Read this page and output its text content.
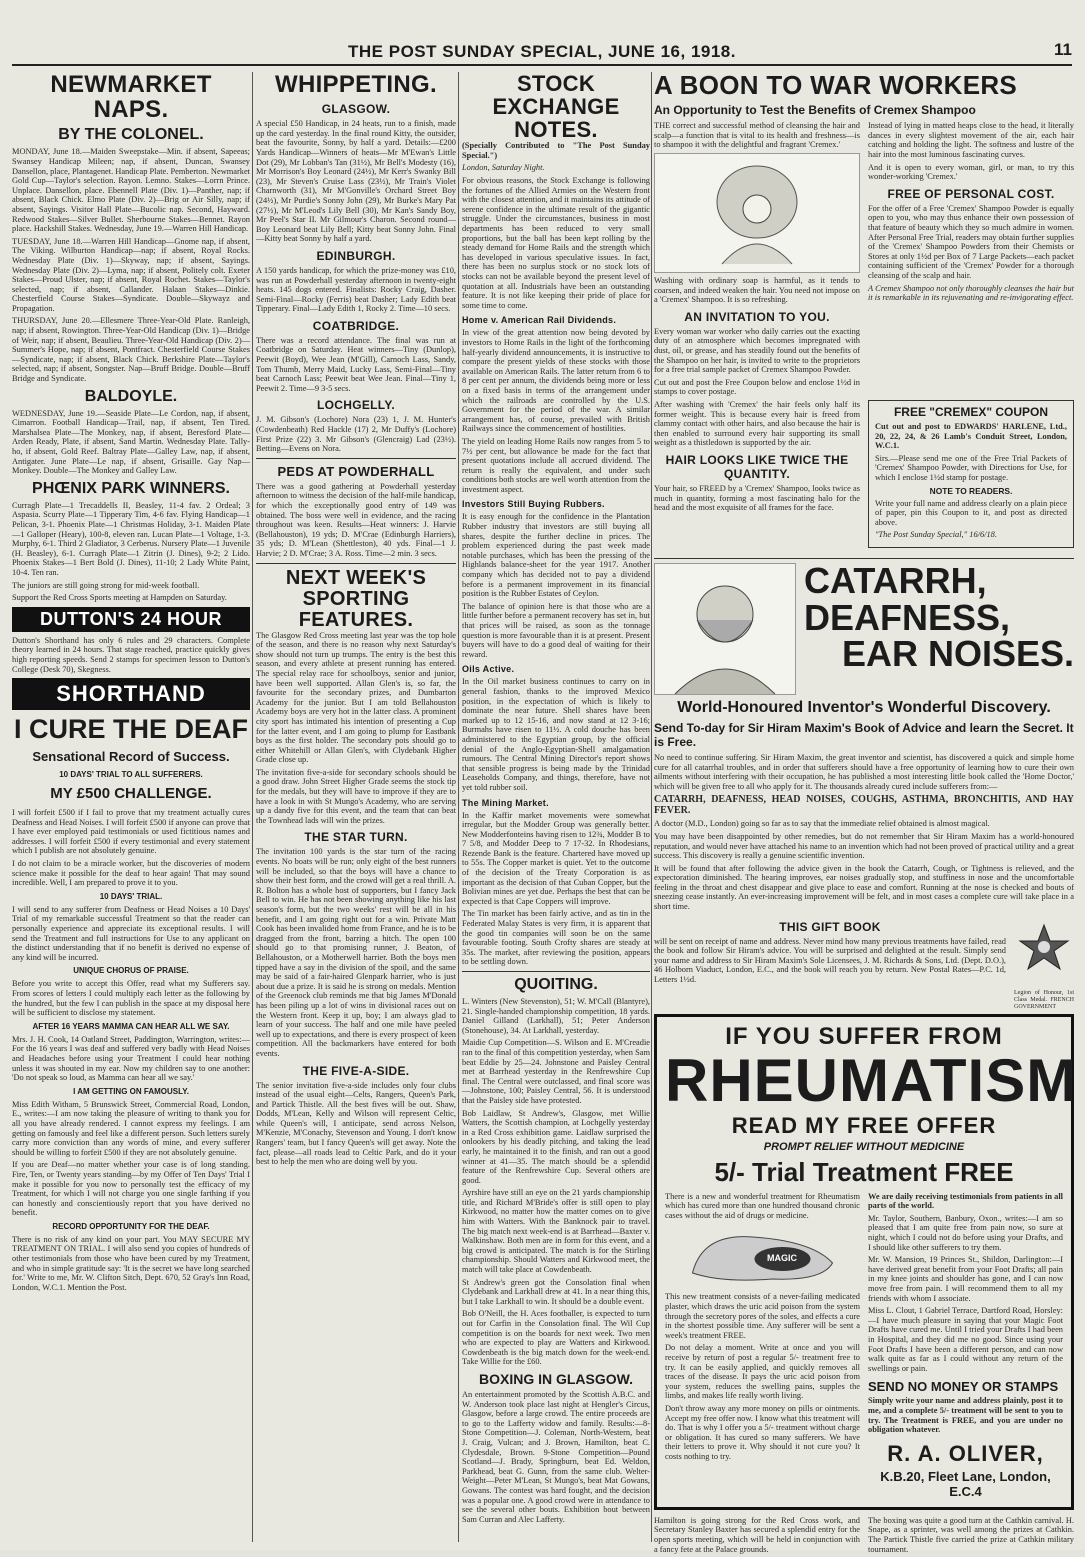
THE POST SUNDAY SPECIAL, JUNE 16, 1918.	11
NEWMARKET NAPS.
BY THE COLONEL.

MONDAY, June 18.—Maiden Sweepstake—Min. if absent, Sapeeas; Swansey Handicap Mileen; nap, if absent, Duncan, Swansey Dansellon, place, Plantagenet. Handicap Plate. Pemberton. Newmarket Gold Cup—Taylor's selection. Rayon. Lemno. Stakes—Lorrn Prince. Unplace. Dansellon, place. Ebennell Plate (Div. 1)—Panther, nap; if absent, Black Chick. Elmo Plate (Div. 2)—Brig or Air Silly, nap; if absent, Sayings. Visitor Hall Plate—Bucolic nap. Second, Hayward. Redwood Stakes—Silver Bullet. Sherbourne Stakes—Bennet. Rayon place. Hackshill Stakes. Wednesday, June 19.—Warren Hill Handicap.

TUESDAY, June 18.—Warren Hill Handicap—Gnome nap, if absent, The Viking. Wilburton Handicap—nap; if absent, Royal Rocks. Wednesday Plate (Div. 1)—Skyway, nap; if absent, Sayings. Wednesday Plate (Div. 2)—Lyma, nap; if absent, Politely colt. Exeter Stakes—Proud Ulster, nap; if absent, Royal Rochet. Stakes—Taylor's selected, nap; if absent, Callander. Halaan Stakes—Dinkie. Chesterfield Course Stakes—Syndicate. Double—Skywayz and Propagation.

THURSDAY, June 20.—Ellesmere Three-Year-Old Plate. Ranleigh, nap; if absent, Rowington. Three-Year-Old Handicap (Div. 1)—Bridge of Weir, nap; if absent, Beaulieu. Three-Year-Old Handicap (Div. 2)—Summer's Hope, nap; if absent, Pontfract. Chesterfield Course Stakes—Syndicate, nap; if absent, Black Chick. Berkshire Plate—Taylor's selected, nap; if absent, Songster. Nap—Bruff Bridge. Double—Bruff Bridge and Syndicate.

BALDOYLE.

WEDNESDAY, June 19.—Seaside Plate—Le Cordon, nap, if absent, Cimarron. Football Handicap—Trail, nap, if absent, Ten Tired. Marshalsea Plate—The Monkey, nap, if absent, Beresford Plate—Arden Ready, Plate, if absent, Sand Martin. Wednesday Plate. Tally-ho, if absent, Gold Reef. Baltray Plate—Galley Law, nap, if absent, Antigater. June Plate—Le nap, if absent, Grisaille. Gay Nap—Monkey. Double—The Monkey and Galley Law.

PHŒNIX PARK WINNERS.

Curragh Plate—1 Trecaddells II, Beasley, 11-4 fav. 2 Ordeal; 3 Aspasia. Scurry Plate—1 Tipperary Tim, 4-6 fav. Flying Handicap—1 Pelican, 3-1. Phoenix Plate—1 Christmas Holiday, 3-1. Maiden Plate—1 Galloper (Heary), 100-8, eleven ran. Lucan Plate—1 Voltage, 1-3. Murphy, 6-1. Third 2 Gladiator, 3 Cerberus. Nursery Plate—1 Juvenile (H. Beasley), 6-1. Curragh Plate—1 Zitrin (J. Dines), 9-2; 2 Lido. Phoenix Stakes—1 Bert Bold (J. Dines), 11-10; 2 Lady White Paint, 10-4. Ten ran.

The juniors are still going strong for mid-week football.

Support the Red Cross Sports meeting at Hampden on Saturday.

DUTTON'S 24 HOUR

Dutton's Shorthand has only 6 rules and 29 characters. Complete theory learned in 24 hours. That stage reached, practice quickly gives high reporting speeds. Send 2 stamps for specimen lesson to Dutton's College (Desk 70), Skegness.

SHORTHAND
I CURE THE DEAF
Sensational Record of Success.
10 DAYS' TRIAL TO ALL SUFFERERS.
MY £500 CHALLENGE.

I will forfeit £500 if I fail to prove that my treatment actually cures Deafness and Head Noises. I will forfeit £500 if anyone can prove that I have ever employed paid testimonials or used fictitious names and addresses. I will forfeit £500 if every testimonial and every statement which I publish are not absolutely genuine.

I do not claim to be a miracle worker, but the discoveries of modern science make it possible for the deaf to hear again! That may sound incredible. Well, I am prepared to prove it to you.

10 DAYS' TRIAL.

I will send to any sufferer from Deafness or Head Noises a 10 Days' Trial of my remarkable successful Treatment so that the reader can personally experience and appreciate its exceptional results. I will send the Treatment and full instructions for Use to any applicant on the distinct understanding that if no benefit is derived no expense of any kind will be incurred.

UNIQUE CHORUS OF PRAISE.

Before you write to accept this Offer, read what my Sufferers say. From scores of letters I could multiply each letter as the following by the hundred, but the few I can publish in the space at my disposal here will be sufficient to disclose my statement.

AFTER 16 YEARS MAMMA CAN HEAR ALL WE SAY.

Mrs. J. H. Cook, 14 Oatland Street, Paddington, Warrington, writes:—For the 16 years I was deaf and suffered very badly with Head Noises and Headaches before using your Treatment I could hear nothing unless it was shouted in my ear. Now my children say to one another: 'Do not speak so loud, as Mamma can hear all we say.'

I AM GETTING ON FAMOUSLY.

Miss Edith Witham, 5 Brunswick Street, Commercial Road, London, E., writes:—I am now taking the pleasure of writing to thank you for all you have already rendered. I cannot express my feelings. I am getting on famously and feel like a different person. Such letters surely carry more conviction than any words of mine, and every sufferer should be willing to forfeit £500 if they are not absolutely genuine.

If you are Deaf—no matter whether your case is of long standing. Fire, Ten, or Twenty years standing—by my Offer of Ten Days' Trial I make it possible for you now to personally test the efficacy of my Treatment, for which I will not charge you one single farthing if you can honestly and conscientiously report that you have derived no benefit.

RECORD OPPORTUNITY FOR THE DEAF.

There is no risk of any kind on your part. You MAY SECURE MY TREATMENT ON TRIAL. I will also send you copies of hundreds of other testimonials from those who have been cured by my Treatment, and who in simple gratitude say: 'It is the secret we have long searched for.' Write to me, Mr. W. Clifton Sitch, Dept. 670, 52 Gray's Inn Road, London, W.C.1. Mention the Post.

WHIPPETING.
GLASGOW.

A special £50 Handicap, in 24 heats, run to a finish, made up the card yesterday. In the final round Kitty, the outsider, beat the favourite, Sonny, by half a yard. Details:—£200 Yards Handicap—Winners of heats—Mr M'Ewan's Little Dot (29), Mr Lobban's Tan (31½), Mr Bell's Modesty (16), Mr Morrison's Boy Leonard (24½), Mr Kerr's Swanky Bill (23), Mr Steven's Cruise Lass (23½), Mr Train's Violet Charnworth (31), Mr M'Gonville's Orchard Street Boy (24½), Mr Purdie's Sonny John (29), Mr Burke's Mary Pat (27½), Mr M'Leod's Lily Bell (30), Mr Kan's Sandy Boy, Mr Peel's Star II. Mr Gilmour's Charon. Second round—Boy Leonard beat Lily Bell; Kitty beat Sonny John. Final—Kitty beat Sonny by half a yard.

EDINBURGH.

A 150 yards handicap, for which the prize-money was £10, was run at Powderhall yesterday afternoon in twenty-eight heats. 145 dogs entered. Finalists: Rocky Craig, Dasher. Semi-Final—Rocky (Ferris) beat Dasher; Lady Edith beat Tipperary. Final—Lady Edith 1, Rocky 2. Time—10 secs.

COATBRIDGE.

There was a record attendance. The final was run at Coatbridge on Saturday. Heat winners—Tiny (Dunlop), Peewit (Boyd), Wee Jean (M'Gill), Carnoch Lass, Sandy, Tom Thumb, Merry Maid, Lucky Lass, Semi-Final—Tiny beat Carnoch Lass; Peewit beat Wee Jean. Final—Tiny 1, Peewit 2. Time—9 3-5 secs.

LOCHGELLY.

J. M. Gibson's (Lochore) Nora (23) 1, J. M. Hunter's (Cowdenbeath) Red Hackle (17) 2, Mr Duffy's (Lochore) First Prize (22) 3. Mr Gibson's (Glencraig) Lad (23½). Betting—Evens on Nora.

PEDS AT POWDERHALL

There was a good gathering at Powderhall yesterday afternoon to witness the decision of the half-mile handicap, for which the exceptionally good entry of 149 was obtained. The boss were well in evidence, and the racing throughout was keen. Results—Heat winners: J. Harvie (Bellahouston), 19 yds; D. M'Crae (Edinburgh Harriers), 35 yds; D. M'Lean (Shettleston), 40 yds. Final—1 J. Harvie; 2 D. M'Crae; 3 A. Ross. Time—2 min. 3 secs.

NEXT WEEK'S SPORTING FEATURES.

The Glasgow Red Cross meeting last year was the top hole of the season, and there is no reason why next Saturday's show should not turn up trumps. The entry is the best this season, and every athlete at present running has entered. The special relay race for schoolboys, senior and junior, have been well supported. Allan Glen's is, so far, the favourite for the secondary prizes, and Dumbarton Academy for the junior. But I am told Bellahouston Academy boys are very hot in the latter class. A prominent city sport has intimated his intention of presenting a Cup for the latter event, and I am going to plump for Eastbank boys as the first holder. The secondary pots should go to either Whitehill or Allan Glen's, with Clydebank Higher Grade close up.

The invitation five-a-side for secondary schools should be a good draw. John Street Higher Grade seems the stock tip for the medals, but they will have to improve if they are to have a look in with St Mungo's Academy, who are serving up a dandy five for this event, and the team that can beat the Townhead lads will win the prizes.

THE STAR TURN.

The invitation 100 yards is the star turn of the racing events. No boats will be run; only eight of the best runners will be included, so that the boys will have a chance to show their best form, and the crowd will get a real thrill. A. R. Bolton has a whole host of supporters, but I fancy Jack Bell to win. He has not been showing anything like his last season's form, but the two weeks' rest will be all in his benefit, and I am going right out for a win. Private Matt Cook has been invalided home from France, and he is to be dragged from the front, barring a hitch. The open 100 should go to that promising runner, J. Beaton, of Bellahouston, or a Motherwell harrier. Both the boys men tipped have a say in the division of the spoil, and the same may be said of a fair-haired Glenpark harrier, who is just about due a prize. It is said he is strong on medals. Mention of the Greenock club reminds me that big James M'Donald has been piling up a lot of wins in divisional races out on the Western front. Keep it up, boy; I am always glad to learn of your success. The half and one mile have peeled well up to expectations, and there is every prospect of keen competition. All the backmarkers have entered for both events.

THE FIVE-A-SIDE.

The senior invitation five-a-side includes only four clubs instead of the usual eight—Celts, Rangers, Queen's Park, and Partick Thistle. All the best fives will be out. Shaw, Dodds, M'Lean, Kelly and Wilson will represent Celtic, while Queen's will, I anticipate, send across Nelson, M'Kenzie, M'Conachy, Stevenson and Young. I don't know Rangers' team, but I fancy Queen's will get away. Note the fact, please—all roads lead to Celtic Park, and do it your best to help the men who are doing well by you.

STOCK EXCHANGE NOTES.

(Specially Contributed to "The Post Sunday Special.")

London, Saturday Night.

For obvious reasons, the Stock Exchange is following the fortunes of the Allied Armies on the Western front with the closest attention, and it maintains its attitude of serene confidence in the ultimate result of the gigantic struggle. Under the circumstances, business in most departments has been reduced to very small proportions, but the ball has been kept rolling by the steady demand for Home Rails and the strength which has developed in various speculative issues. In fact, there has been no surplus stock or no stock lots of stocks can not be available beyond the present level of quotation at all. Industrials have been an outstanding feature. It is not like keeping their pride of place for some time to come.

Home v. American Rail Dividends.

In view of the great attention now being devoted by investors to Home Rails in the light of the forthcoming half-yearly dividend announcements, it is instructive to compare the present yields of these stocks with those available on American Rails. The latter return from 6 to 8 per cent per annum, the dividends being more or less on a fixed basis in terms of the arrangement under which the railroads are controlled by the U.S. Government for the period of the war. A similar arrangement has, of course, prevailed with British Railways since the commencement of hostilities.

The yield on leading Home Rails now ranges from 5 to 7½ per cent, but allowance be made for the fact that present quotations include all accrued dividend. The return is really the equivalent, and under such conditions both stocks are well worth attention from the investment aspect.

Investors Still Buying Rubbers.

It is easy enough for the confidence in the Plantation Rubber industry that investors are still buying all shares, despite the further decline in prices. The problem experienced during the past week made notable purchases, which has been the pressing of the Highlands balance-sheet for the year 1917. Another company which has decided not to pay a dividend before is a permanent improvement in its financial position is the Rubber Estates of Ceylon.

The balance of opinion here is that those who are a little further before a permanent recovery has set in, but that prices will be raised, as soon as the tonnage question is more favourable than it is at present. Present buyers will have to do a good deal of waiting for their reward.

Oils Active.

In the Oil market business continues to carry on in general fashion, thanks to the improved Mexico position, in the expectation of which is likely to dominate the near future. Shell shares have been marked up to 12 15-16, and now stand at 12 3-16; Burmahs have risen to 11½. A cold douche has been administered to the Egyptian group, by the official denial of the Anglo-Egyptian-Shell amalgamation rumours. The Central Mining Director's report shows that sensible progress is being made by the Trinidad Leaseholds Company, and things, therefore, have not yet told rubber soil.

The Mining Market.

In the Kaffir market movements were somewhat irregular, but the Modder Group was generally better. New Modderfonteins having risen to 12¾, Modder B to 7 5/8, and Modder Deep to 7 17-32. In Rhodesians, Rezende Bank is the feature. Chartered have moved up to 55s. The Copper market is quiet. Yet to the outcome of the decision of the Treaty Corporation is as important as the decision of that Cuban Copper, but the Bolivian mines are yet due. Perhaps the best that can be expected is that Cape Coppers will improve.

The Tin market has been fairly active, and as tin in the Federated Malay States is very firm, it is apparent that the good tin companies will soon be on the same favourable footing. South Crofty shares are steady at 35s. The market, after reviewing the position, appears to be settling down.

QUOITING.

L. Winters (New Stevenston), 51; W. M'Call (Blantyre), 21. Single-handed championship competition, 18 yards. Daniel Gilland (Larkhall), 51; Peter Anderson (Stonehouse), 34. At Larkhall, yesterday.

Maidie Cup Competition—S. Wilson and E. M'Creadie ran to the final of this competition yesterday, when Sam beat Eddie by 25—24. Johnstone and Paisley Central met at Barrhead yesterday in the Renfrewshire Cup final. The Central were outclassed, and final score was—Johnstone, 100; Paisley Central, 56. It is understood that the Paisley side have protested.

Bob Laidlaw, St Andrew's, Glasgow, met Willie Watters, the Scottish champion, at Lochgelly yesterday in a Red Cross exhibition game. Laidlaw surprised the onlookers by his deadly pitching, and taking the lead early, he maintained it to the finish, and ran out a good winner at 41—35. The match should be a splendid feature of the Renfrewshire Cup. Several others are good.

Ayrshire have still an eye on the 21 yards championship title, and Richard M'Bride's offer is still open to play Kirkwood, no matter how the matter comes on to give him with Watters. With the Banknock pair to travel. The big match next week-end is at Barrhead—Baxter v. Walkinshaw. Both men are in form for this event, and a big crowd is anticipated. The match is for the Stirling championship. Should Watters and Kirkwood meet, the match will take place at Cowdenbeath.

St Andrew's green got the Consolation final when Clydebank and Larkhall drew at 41. In a near thing this, but I take Larkhall to win. It should be a double event.

Bob O'Neill, the H. Aces footballer, is expected to turn out for Carfin in the Consolation final. The Wil Cup competition is on the boards for next week. Two men who are expected to play are Watters and Kirkwood. Cowdenbeath is the big match down for the week-end. Take Willie for the £60.

BOXING IN GLASGOW.

An entertainment promoted by the Scottish A.B.C. and W. Anderson took place last night at Hengler's Circus, Glasgow, before a large crowd. The entire proceeds are to go to the Lafferty widow and family. Results:—8-Stone Competition—J. Coleman, North-Western, beat J. Craig, Vulcan; and J. Brown, Hamilton, beat C. Clydesdale, Brown. 9-Stone Competition—Pound Scotland—J. Brady, Springburn, beat Ed. Weldon, Parkhead, beat G. Gunn, from the same club. Welter-Weight—Peter M'Lean, St Mungo's, beat Mat Gowans, Gowans. The contest was hard fought, and the decision was a popular one. A good crowd were in attendance to see the several other bouts. Exhibition bout between Sam Curran and Alec Lafferty.

A BOON TO WAR WORKERS
An Opportunity to Test the Benefits of Cremex Shampoo

THE correct and successful method of cleansing the hair and scalp—a function that is vital to its health and freshness—is to shampoo it with the delightful and fragrant 'Cremex.'

Washing with ordinary soap is harmful, as it tends to coarsen, and indeed weaken the hair. You need not impose on a 'Cremex' Shampoo. It is so refreshing.

AN INVITATION TO YOU.

Every woman war worker who daily carries out the exacting duty of an atmosphere which becomes impregnated with dust, oil, or grease, and has steadily found out the benefits of the Shampoo on her hair, is invited to write to the proprietors for a free trial sample packet of Cremex Shampoo Powder.

Cut out and post the Free Coupon below and enclose 1½d in stamps to cover postage.

Instead of lying in matted heaps close to the head, it literally dances in every slightest movement of the air, each hair catching and holding the light. The softness and lustre of the hair into the most luminous fascinating curves.

And it is open to every woman, girl, or man, to try this wonder-working 'Cremex.'

FREE OF PERSONAL COST.

For the offer of a Free 'Cremex' Shampoo Powder is equally open to you, who may thus enhance their own possession of that feature of beauty which they so much admire in women. After Personal Free Trial, readers may obtain further supplies of the 'Cremex' Shampoo Powders from their Chemists or Stores at only 1½d per Box of 7 Large Packets—each packet containing sufficient of the 'Cremex' Powder for a thorough cleansing of the scalp and hair.

A Cremex Shampoo not only thoroughly cleanses the hair but it is remarkable in its rejuvenating and re-invigorating effect.

After washing with 'Cremex' the hair feels only half its former weight. This is because every hair is freed from clammy contact with other hairs, and also because the hair is then enabled to surround every hair supporting its small weight as a thistledown is supported by the air.

HAIR LOOKS LIKE TWICE THE QUANTITY.

Your hair, so FREED by a 'Cremex' Shampoo, looks twice as much in quantity, forming a most fascinating halo for the head and the most exquisite of all frames for the face.

FREE "CREMEX" COUPON

Cut out and post to EDWARDS' HARLENE, Ltd., 20, 22, 24, & 26 Lamb's Conduit Street, London, W.C.1.

Sirs.—Please send me one of the Free Trial Packets of 'Cremex' Shampoo Powder, with Directions for Use, for which I enclose 1½d stamp for postage.

NOTE TO READERS.

Write your full name and address clearly on a plain piece of paper, pin this Coupon to it, and post as directed above.

"The Post Sunday Special," 16/6/18.

CATARRH,
DEAFNESS,
EAR NOISES.
World-Honoured Inventor's Wonderful Discovery.
Send To-day for Sir Hiram Maxim's Book of Advice and learn the Secret. It is Free.

No need to continue suffering. Sir Hiram Maxim, the great inventor and scientist, has discovered a quick and simple home cure for all catarrhal troubles, and in order that sufferers should have a free opportunity of learning how to cure their own ailments without interfering with their occupation, he has published a most interesting little book called the 'Home Doctor,' which will be given free to all who apply for it. The thousands already cured include sufferers from:—

CATARRH, DEAFNESS, HEAD NOISES, COUGHS, ASTHMA, BRONCHITIS, AND HAY FEVER.

A doctor (M.D., London) going so far as to say that the immediate relief obtained is almost magical.

You may have been disappointed by other remedies, but do not remember that Sir Hiram Maxim has a world-honoured reputation, and would never have attached his name to an invention which had not been proved of practical utility and a great success. This discovery is really a genuine scientific invention.

It will be found that after following the advice given in the book the Catarrh, Cough, or Tightness is relieved, and the expectoration diminished. The hearing improves, ear noises gradually stop, and stuffiness in nose and the uncomfortable feeling in the throat and chest disappear and give place to ease and comfort. Running at the nose is checked and bouts of sneezing cease instantly. An ever-increasing improvement will be felt, and in most cases a complete cure will take place in a short time.

THIS GIFT BOOK

will be sent on receipt of name and address. Never mind how many previous treatments have failed, read the book and follow Sir Hiram's advice. You will be surprised and delighted at the result. Simply send your name and address to Sir Hiram Maxim's Sole Licensees, J. M. Richards & Sons, Ltd. (Dept. D.O.), 46 Holborn Viaduct, London, E.C., and the book will reach you by return. New Postal Rates—P.C. 1d, Letters 1½d.

Legion of Honour, 1st Class Medal. FRENCH GOVERNMENT

IF YOU SUFFER FROM
RHEUMATISM
READ MY FREE OFFER
PROMPT RELIEF WITHOUT MEDICINE
5/- Trial Treatment FREE

There is a new and wonderful treatment for Rheumatism which has cured more than one hundred thousand chronic cases without the aid of drugs or medicine.

MAGIC

This new treatment consists of a never-failing medicated plaster, which draws the uric acid poison from the system through the secretory pores of the soles, and effects a cure in the shortest possible time. Any sufferer will be sent a week's treatment FREE.

Do not delay a moment. Write at once and you will receive by return of post a regular 5/- treatment free to try. It can be easily applied, and quickly removes all traces of the disease. It pays the uric acid poison from your system, reduces the swelling pains, supples the limbs, and makes life really worth living.

Don't throw away any more money on pills or ointments. Accept my free offer now. I know what this treatment will do. That is why I offer you a 5/- treatment without charge or obligation. It has cured so many sufferers. We have their letters to prove it. Why should it not cure you? It costs nothing to try.

We are daily receiving testimonials from patients in all parts of the world.

Mr. Taylor, Southern, Banbury, Oxon., writes:—I am so pleased that I am quite free from pain now, so sure at night, which I could not do before using your Drafts, and I should like other sufferers to try them.

Mr. W. Mansion, 19 Princes St., Shildon, Darlington:—I have derived great benefit from your Foot Drafts; all pain in my knee joints and shoulder has gone, and I can now move free from pain. I will recommend them to all my friends with whom I associate.

Miss L. Clout, 1 Gabriel Terrace, Dartford Road, Horsley:—I have much pleasure in saying that your Magic Foot Drafts have cured me. Until I tried your Drafts I had been in Hospital, and they did me no good. Since using your Foot Drafts I have been a different person, and can now walk quite as far as I could without any return of the swellings or pain.

SEND NO MONEY OR STAMPS

Simply write your name and address plainly, post it to me, and a complete 5/- treatment will be sent to you to try. The Treatment is FREE, and you are under no obligation whatever.

R. A. OLIVER,
K.B.20, Fleet Lane, London, E.C.4

Hamilton is going strong for the Red Cross work, and Secretary Stanley Baxter has secured a splendid entry for the open sports meeting, which will be held in conjunction with a fancy fete at the Palace grounds.

The boxing was quite a good turn at the Cathkin carnival. H. Snape, as a sprinter, was well among the prizes at Cathkin. The Partick Thistle five carried the prize at Cathkin military tournament.
